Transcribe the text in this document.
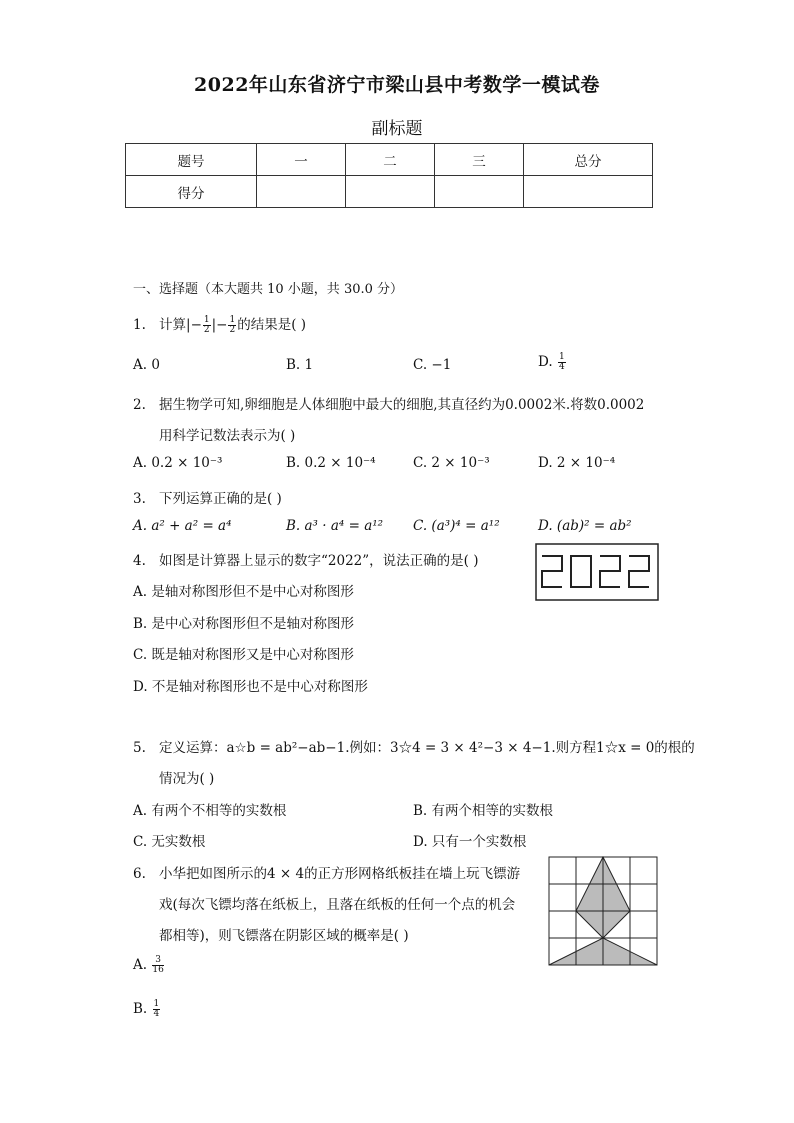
2022年山东省济宁市梁山县中考数学一模试卷
副标题
题号	一	二	三	总分
得分				
一、选择题（本大题共 10 小题，共 30.0 分）
1. 计算|− $\frac{1}{2}$ |− $\frac{1}{2}$ 的结果是( )
A. 0	B. 1	C. −1	D. $\frac{1}{4}$
2. 据生物学可知,卵细胞是人体细胞中最大的细胞,其直径约为0.0002米.将数0.0002
用科学记数法表示为( )
A. 0.2 × 10⁻³	B. 0.2 × 10⁻⁴	C. 2 × 10⁻³	D. 2 × 10⁻⁴
3. 下列运算正确的是( )
A. a² + a² = a⁴	B. a³ · a⁴ = a¹² C. (a³)⁴ = a¹²	D. (ab)² = ab²
4. 如图是计算器上显示的数字“2022”，说法正确的是( )
A. 是轴对称图形但不是中心对称图形
B. 是中心对称图形但不是轴对称图形
C. 既是轴对称图形又是中心对称图形
D. 不是轴对称图形也不是中心对称图形
5. 定义运算：a☆b = ab²−ab−1.例如：3☆4 = 3 × 4²−3 × 4−1.则方程1☆x = 0的根的
情况为( )
A. 有两个不相等的实数根	B. 有两个相等的实数根
C. 无实数根	D. 只有一个实数根
6. 小华把如图所示的4 × 4的正方形网格纸板挂在墙上玩飞镖游
戏(每次飞镖均落在纸板上，且落在纸板的任何一个点的机会
都相等)，则飞镖落在阴影区域的概率是( )
A. $\frac{3}{16}$
B. $\frac{1}{4}$
